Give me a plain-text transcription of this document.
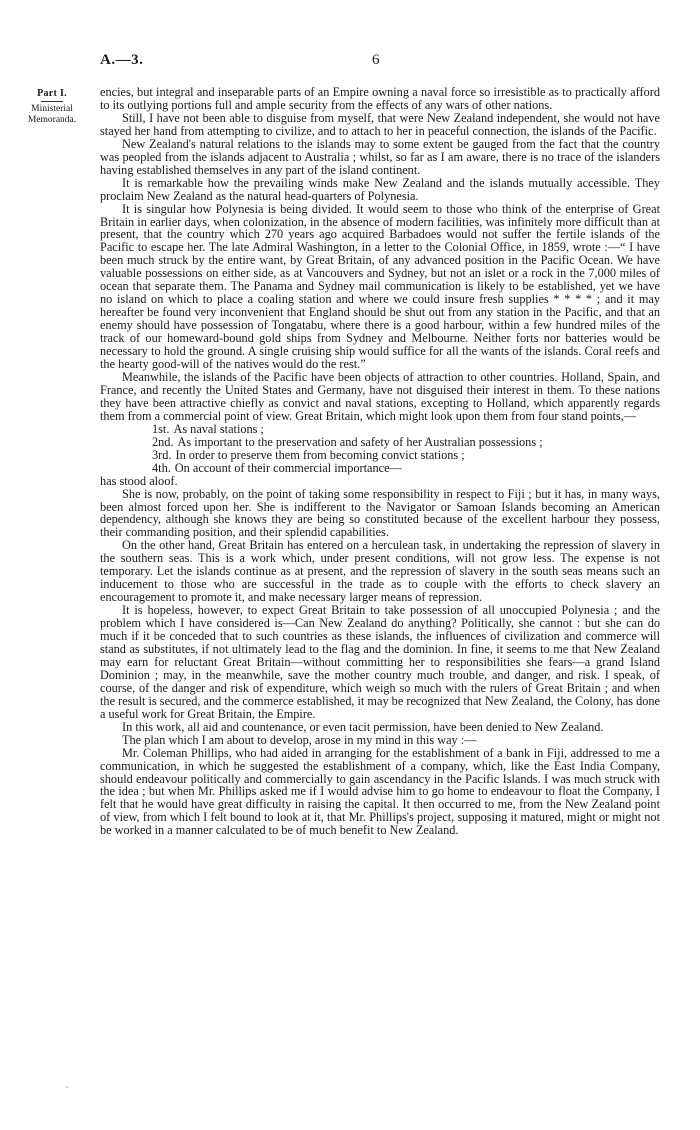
A.—3.	6
Part I.
Ministerial
Memoranda.

encies, but integral and inseparable parts of an Empire owning a naval force so irresistible as to practically afford to its outlying portions full and ample security from the effects of any wars of other nations.

Still, I have not been able to disguise from myself, that were New Zealand independent, she would not have stayed her hand from attempting to civilize, and to attach to her in peaceful connection, the islands of the Pacific.

New Zealand's natural relations to the islands may to some extent be gauged from the fact that the country was peopled from the islands adjacent to Australia ; whilst, so far as I am aware, there is no trace of the islanders having established themselves in any part of the island continent.

It is remarkable how the prevailing winds make New Zealand and the islands mutually accessible. They proclaim New Zealand as the natural head-quarters of Polynesia.

It is singular how Polynesia is being divided. It would seem to those who think of the enterprise of Great Britain in earlier days, when colonization, in the absence of modern facilities, was infinitely more difficult than at present, that the country which 270 years ago acquired Barbadoes would not suffer the fertile islands of the Pacific to escape her. The late Admiral Washington, in a letter to the Colonial Office, in 1859, wrote :—“ I have been much struck by the entire want, by Great Britain, of any advanced position in the Pacific Ocean. We have valuable possessions on either side, as at Vancouvers and Sydney, but not an islet or a rock in the 7,000 miles of ocean that separate them. The Panama and Sydney mail communication is likely to be established, yet we have no island on which to place a coaling station and where we could insure fresh supplies * * * * ; and it may hereafter be found very inconvenient that England should be shut out from any station in the Pacific, and that an enemy should have possession of Tongatabu, where there is a good harbour, within a few hundred miles of the track of our homeward-bound gold ships from Sydney and Melbourne. Neither forts nor batteries would be necessary to hold the ground. A single cruising ship would suffice for all the wants of the islands. Coral reefs and the hearty good-will of the natives would do the rest.”

Meanwhile, the islands of the Pacific have been objects of attraction to other countries. Holland, Spain, and France, and recently the United States and Germany, have not disguised their interest in them. To these nations they have been attractive chiefly as convict and naval stations, excepting to Holland, which apparently regards them from a commercial point of view. Great Britain, which might look upon them from four stand points,—

1st. As naval stations ;
2nd. As important to the preservation and safety of her Australian possessions ;
3rd. In order to preserve them from becoming convict stations ;
4th. On account of their commercial importance—

has stood aloof.

She is now, probably, on the point of taking some responsibility in respect to Fiji ; but it has, in many ways, been almost forced upon her. She is indifferent to the Navigator or Samoan Islands becoming an American dependency, although she knows they are being so constituted because of the excellent harbour they possess, their commanding position, and their splendid capabilities.

On the other hand, Great Britain has entered on a herculean task, in undertaking the repression of slavery in the southern seas. This is a work which, under present conditions, will not grow less. The expense is not temporary. Let the islands continue as at present, and the repression of slavery in the south seas means such an inducement to those who are successful in the trade as to couple with the efforts to check slavery an encouragement to promote it, and make necessary larger means of repression.

It is hopeless, however, to expect Great Britain to take possession of all unoccupied Polynesia ; and the problem which I have considered is—Can New Zealand do anything? Politically, she cannot : but she can do much if it be conceded that to such countries as these islands, the influences of civilization and commerce will stand as substitutes, if not ultimately lead to the flag and the dominion. In fine, it seems to me that New Zealand may earn for reluctant Great Britain—without committing her to responsibilities she fears—a grand Island Dominion ; may, in the meanwhile, save the mother country much trouble, and danger, and risk. I speak, of course, of the danger and risk of expenditure, which weigh so much with the rulers of Great Britain ; and when the result is secured, and the commerce established, it may be recognized that New Zealand, the Colony, has done a useful work for Great Britain, the Empire.

In this work, all aid and countenance, or even tacit permission, have been denied to New Zealand.

The plan which I am about to develop, arose in my mind in this way :—

Mr. Coleman Phillips, who had aided in arranging for the establishment of a bank in Fiji, addressed to me a communication, in which he suggested the establishment of a company, which, like the East India Company, should endeavour politically and commercially to gain ascendancy in the Pacific Islands. I was much struck with the idea ; but when Mr. Phillips asked me if I would advise him to go home to endeavour to float the Company, I felt that he would have great difficulty in raising the capital. It then occurred to me, from the New Zealand point of view, from which I felt bound to look at it, that Mr. Phillips's project, supposing it matured, might or might not be worked in a manner calculated to be of much benefit to New Zealand.
